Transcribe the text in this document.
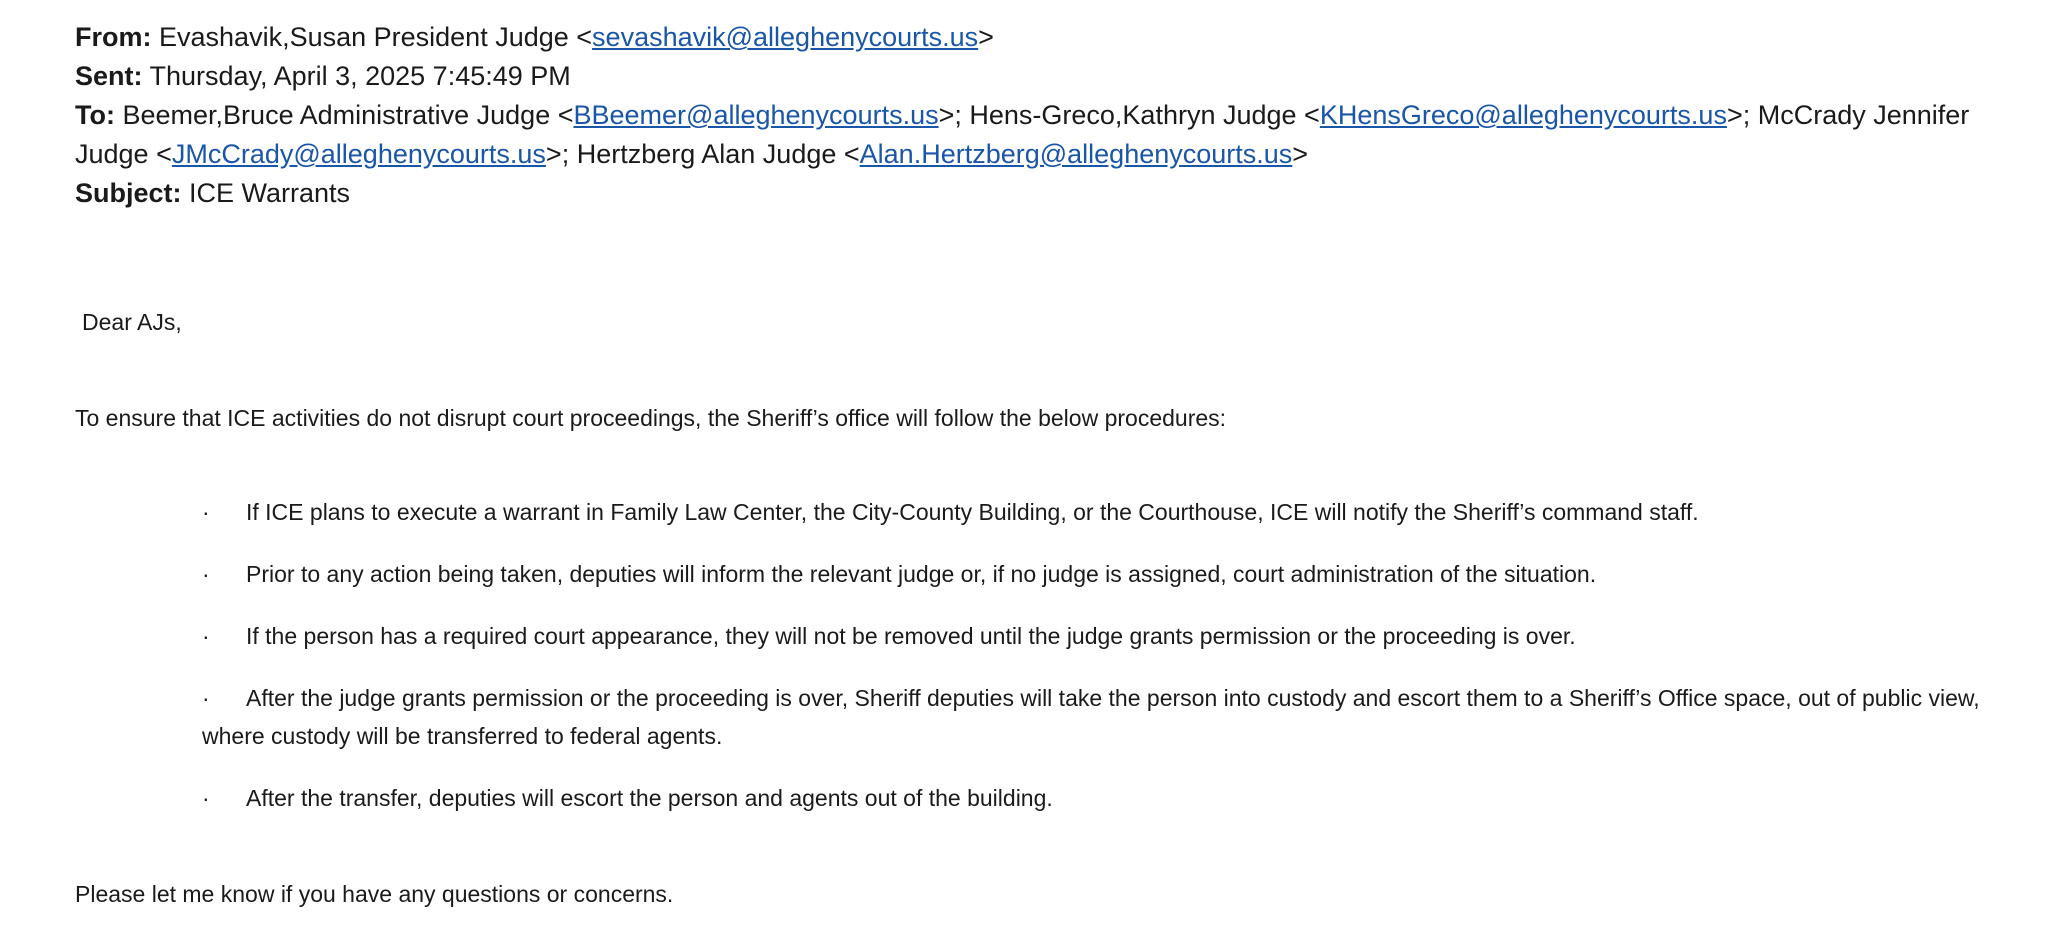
From: Evashavik,Susan President Judge <sevashavik@alleghenycourts.us>

Sent: Thursday, April 3, 2025 7:45:49 PM

To: Beemer,Bruce Administrative Judge <BBeemer@alleghenycourts.us>; Hens-Greco,Kathryn Judge <KHensGreco@alleghenycourts.us>; McCrady Jennifer Judge <JMcCrady@alleghenycourts.us>; Hertzberg Alan Judge <Alan.Hertzberg@alleghenycourts.us>

Subject: ICE Warrants

Dear AJs,
To ensure that ICE activities do not disrupt court proceedings, the Sheriff’s office will follow the below procedures:
· If ICE plans to execute a warrant in Family Law Center, the City-County Building, or the Courthouse, ICE will notify the Sheriff’s command staff.
· Prior to any action being taken, deputies will inform the relevant judge or, if no judge is assigned, court administration of the situation.
· If the person has a required court appearance, they will not be removed until the judge grants permission or the proceeding is over.
· After the judge grants permission or the proceeding is over, Sheriff deputies will take the person into custody and escort them to a Sheriff’s Office space, out of public view, where custody will be transferred to federal agents.
· After the transfer, deputies will escort the person and agents out of the building.
Please let me know if you have any questions or concerns.
